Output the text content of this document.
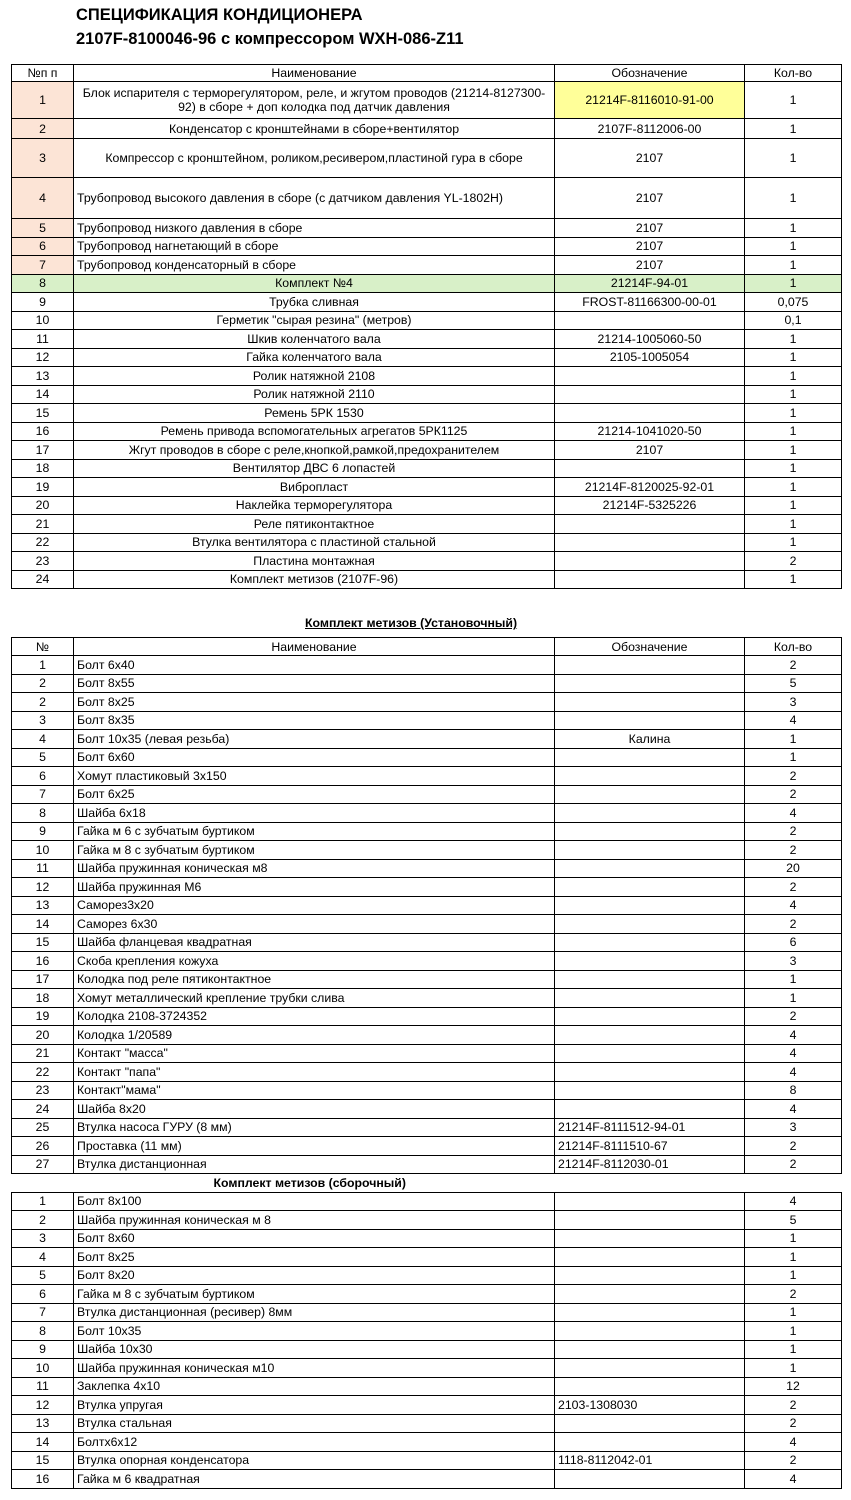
СПЕЦИФИКАЦИЯ КОНДИЦИОНЕРА
2107F-8100046-96 с компрессором WXH-086-Z11
№п п	Наименование	Обозначение	Кол-во
1	Блок испарителя с терморегулятором, реле, и жгутом проводов (21214-8127300-92) в сборе + доп колодка под датчик давления	21214F-8116010-91-00	1
2	Конденсатор с кронштейнами в сборе+вентилятор	2107F-8112006-00	1
3	Компрессор с кронштейном, роликом,ресивером,пластиной гура в сборе	2107	1
4	Трубопровод высокого давления в сборе (с датчиком давления YL-1802H)	2107	1
5	Трубопровод низкого давления в сборе	2107	1
6	Трубопровод нагнетающий в сборе	2107	1
7	Трубопровод конденсаторный в сборе	2107	1
8	Комплект №4	21214F-94-01	1
9	Трубка сливная	FROST-81166300-00-01	0,075
10	Герметик "сырая резина" (метров)		0,1
11	Шкив коленчатого вала	21214-1005060-50	1
12	Гайка коленчатого вала	2105-1005054	1
13	Ролик натяжной 2108		1
14	Ролик натяжной 2110		1
15	Ремень 5РК 1530		1
16	Ремень привода вспомогательных агрегатов 5РК1125	21214-1041020-50	1
17	Жгут проводов в сборе с реле,кнопкой,рамкой,предохранителем	2107	1
18	Вентилятор ДВС 6 лопастей		1
19	Вибропласт	21214F-8120025-92-01	1
20	Наклейка терморегулятора	21214F-5325226	1
21	Реле пятиконтактное		1
22	Втулка вентилятора с пластиной стальной		1
23	Пластина монтажная		2
24	Комплект метизов (2107F-96)		1
Комплект метизов (Установочный)
№	Наименование	Обозначение	Кол-во
1	Болт 6х40		2
2	Болт 8х55		5
2	Болт 8х25		3
3	Болт 8х35		4
4	Болт 10х35 (левая резьба)	Калина	1
5	Болт 6х60		1
6	Хомут пластиковый 3х150		2
7	Болт 6х25		2
8	Шайба 6х18		4
9	Гайка м 6 с зубчатым буртиком		2
10	Гайка м 8 с зубчатым буртиком		2
11	Шайба пружинная коническая м8		20
12	Шайба пружинная М6		2
13	Саморез3х20		4
14	Саморез 6х30		2
15	Шайба фланцевая квадратная		6
16	Скоба крепления кожуха		3
17	Колодка под реле пятиконтактное		1
18	Хомут металлический крепление трубки слива		1
19	Колодка 2108-3724352		2
20	Колодка 1/20589		4
21	Контакт "масса"		4
22	Контакт "папа"		4
23	Контакт"мама"		8
24	Шайба 8х20		4
25	Втулка насоса ГУРУ (8 мм)	21214F-8111512-94-01	3
26	Проставка (11 мм)	21214F-8111510-67	2
27	Втулка дистанционная	21214F-8112030-01	2
Комплект метизов (сборочный)			
1	Болт 8х100		4
2	Шайба пружинная коническая м 8		5
3	Болт 8х60		1
4	Болт 8х25		1
5	Болт 8х20		1
6	Гайка м 8 с зубчатым буртиком		2
7	Втулка дистанционная (ресивер) 8мм		1
8	Болт 10х35		1
9	Шайба 10х30		1
10	Шайба пружинная коническая м10		1
11	Заклепка 4х10		12
12	Втулка упругая	2103-1308030	2
13	Втулка стальная		2
14	Болтх6х12		4
15	Втулка опорная конденсатора	1118-8112042-01	2
16	Гайка м 6 квадратная		4
